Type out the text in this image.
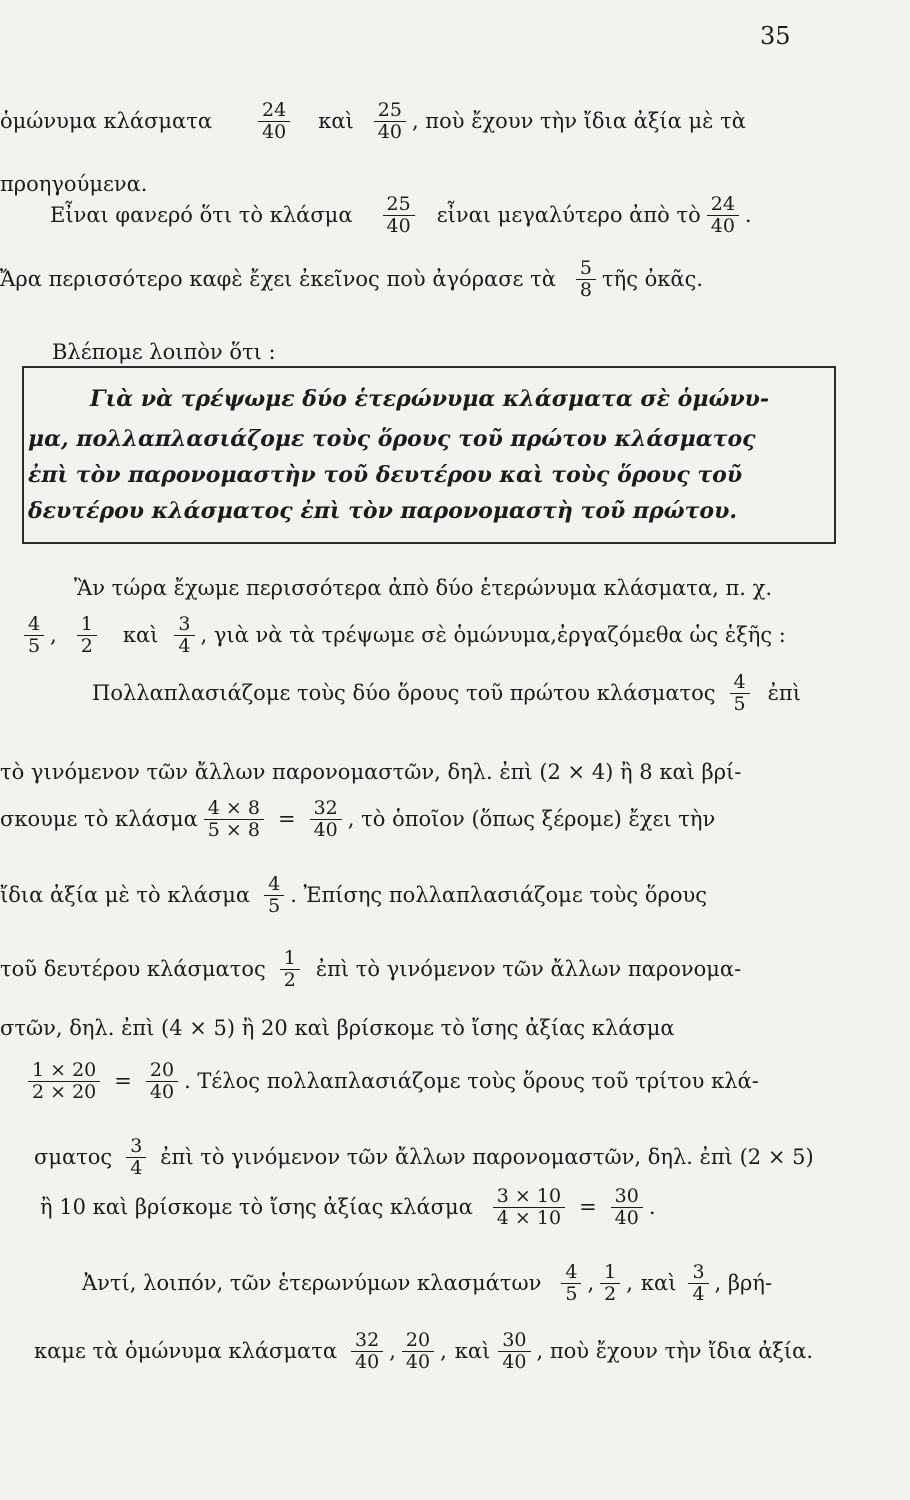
35
ὁμώνυμα κλάσματα $\frac{24}{40}$ καὶ $\frac{25}{40}$ , ποὺ ἔχουν τὴν ἴδια ἀξία μὲ τὰ
προηγούμενα.
Εἶναι φανερό ὅτι τὸ κλάσμα $\frac{25}{40}$ εἶναι μεγαλύτερο ἀπὸ τὸ $\frac{24}{40}$ .
Ἄρα περισσότερο καφὲ ἔχει ἐκεῖνος ποὺ ἀγόρασε τὰ $\frac{5}{8}$ τῆς ὀκᾶς.
Βλέπομε λοιπὸν ὅτι :
Γιὰ νὰ τρέψωμε δύο ἑτερώνυμα κλάσματα σὲ ὁμώνυ-
μα, πολλαπλασιάζομε τοὺς ὅρους τοῦ πρώτου κλάσματος
ἐπὶ τὸν παρονομαστὴν τοῦ δευτέρου καὶ τοὺς ὅρους τοῦ
δευτέρου κλάσματος ἐπὶ τὸν παρονομαστὴ τοῦ πρώτου.
Ἂν τώρα ἔχωμε περισσότερα ἀπὸ δύο ἑτερώνυμα κλάσματα, π. χ.
$\frac{4}{5}$ , $\frac{1}{2}$ καὶ $\frac{3}{4}$ , γιὰ νὰ τὰ τρέψωμε σὲ ὁμώνυμα,ἐργαζόμεθα ὡς ἑξῆς :
Πολλαπλασιάζομε τοὺς δύο ὅρους τοῦ πρώτου κλάσματος $\frac{4}{5}$ ἐπὶ
τὸ γινόμενον τῶν ἄλλων παρονομαστῶν, δηλ. ἐπὶ (2 × 4) ἢ 8 καὶ βρί-
σκουμε τὸ κλάσμα $\frac{4 \times 8}{5 \times 8} = \frac{32}{40}$ , τὸ ὁποῖον (ὅπως ξέρομε) ἔχει τὴν
ἴδια ἀξία μὲ τὸ κλάσμα $\frac{4}{5}$ . Ἐπίσης πολλαπλασιάζομε τοὺς ὅρους
τοῦ δευτέρου κλάσματος $\frac{1}{2}$ ἐπὶ τὸ γινόμενον τῶν ἄλλων παρονομα-
στῶν, δηλ. ἐπὶ (4 × 5) ἢ 20 καὶ βρίσκομε τὸ ἴσης ἀξίας κλάσμα
$\frac{1 \times 20}{2 \times 20} = \frac{20}{40}$ . Τέλος πολλαπλασιάζομε τοὺς ὅρους τοῦ τρίτου κλά-
σματος $\frac{3}{4}$ ἐπὶ τὸ γινόμενον τῶν ἄλλων παρονομαστῶν, δηλ. ἐπὶ (2 × 5)
ἢ 10 καὶ βρίσκομε τὸ ἴσης ἀξίας κλάσμα $\frac{3 \times 10}{4 \times 10} = \frac{30}{40}$ .
Ἀντί, λοιπόν, τῶν ἑτερωνύμων κλασμάτων $\frac{4}{5}$ , $\frac{1}{2}$ , καὶ $\frac{3}{4}$ , βρή-
καμε τὰ ὁμώνυμα κλάσματα $\frac{32}{40}$ , $\frac{20}{40}$ , καὶ $\frac{30}{40}$ , ποὺ ἔχουν τὴν ἴδια ἀξία.
